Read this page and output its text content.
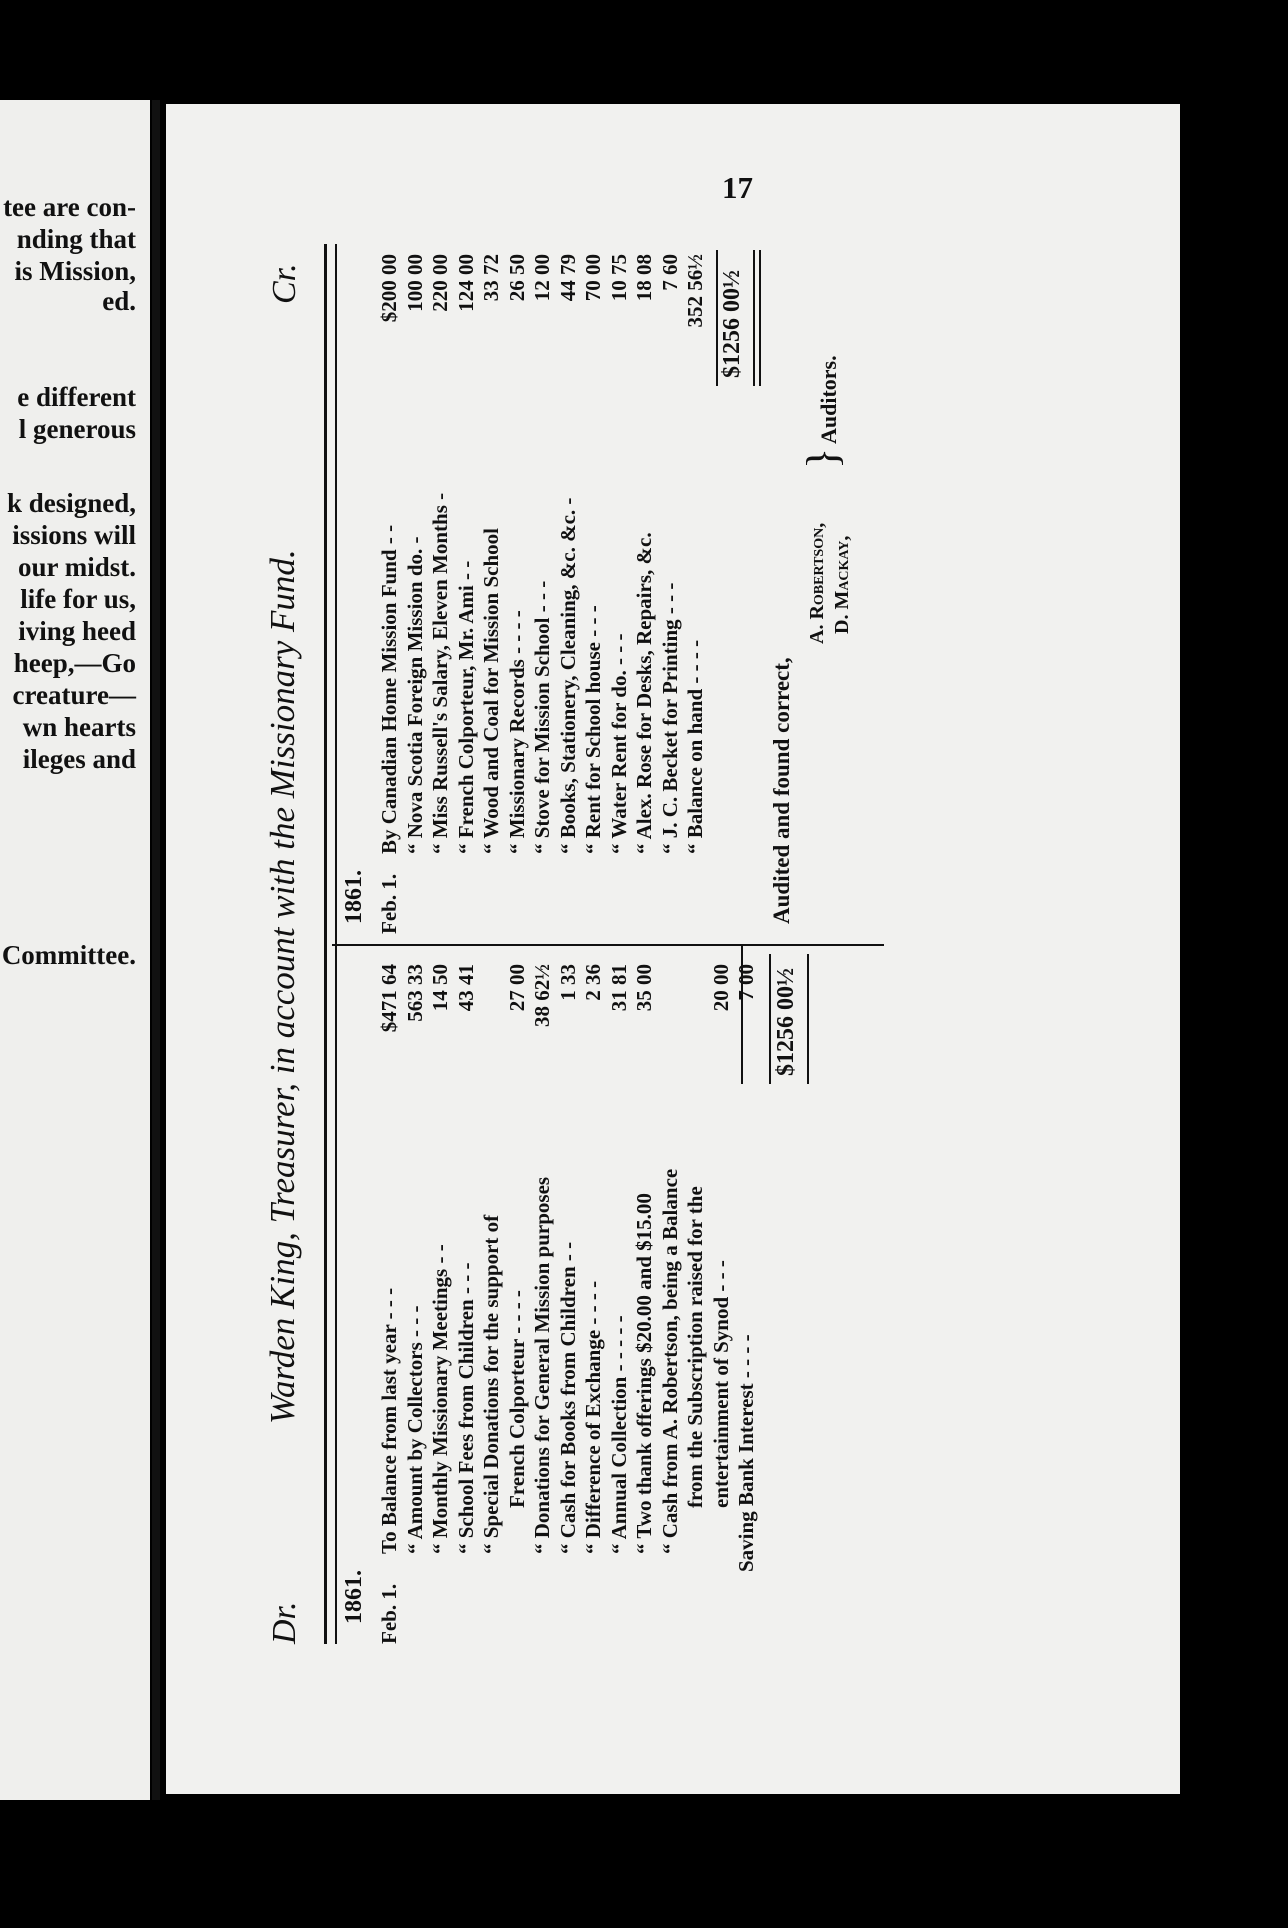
tee are con-
nding that
is Mission,
ed.
e different
l generous
k designed,
issions will
our midst.
life for us,
iving heed
heep,—Go
creature—
wn hearts
ileges and
Committee.
17
Dr.
Warden King, Treasurer, in account with the Missionary Fund.
Cr.
1861.
1861.
Feb. 1.
To Balance from last year - - -
$471 64
“ Amount by Collectors - - -
563 33
“ Monthly Missionary Meetings - -
14 50
“ School Fees from Children - - -
43 41
“ Special Donations for the support of French Colporteur - - - -
27 00
“ Donations for General Mission purposes
38 62½
“ Cash for Books from Children - -
1 33
“ Difference of Exchange - - - -
2 36
“ Annual Collection - - - - -
31 81
“ Two thank offerings $20.00 and $15.00
35 00
“ Cash from A. Robertson, being a Balance from the Subscription raised for the entertainment of Synod - - -
20 00
Saving Bank Interest - - - -
7 00
Feb. 1.
By Canadian Home Mission Fund - -
$200 00
“ Nova Scotia Foreign Mission do. -
100 00
“ Miss Russell's Salary, Eleven Months -
220 00
“ French Colporteur, Mr. Ami - -
124 00
“ Wood and Coal for Mission School
33 72
“ Missionary Records - - - -
26 50
“ Stove for Mission School - - -
12 00
“ Books, Stationery, Cleaning, &c. &c. -
44 79
“ Rent for School house - - -
70 00
“ Water Rent for do. - - -
10 75
“ Alex. Rose for Desks, Repairs, &c.
18 08
“ J. C. Becket for Printing - - -
7 60
“ Balance on hand - - - -
352 56½
$1256 00½
$1256 00½
Audited and found correct,
A. Robertson, D. Mackay,
}
Auditors.
